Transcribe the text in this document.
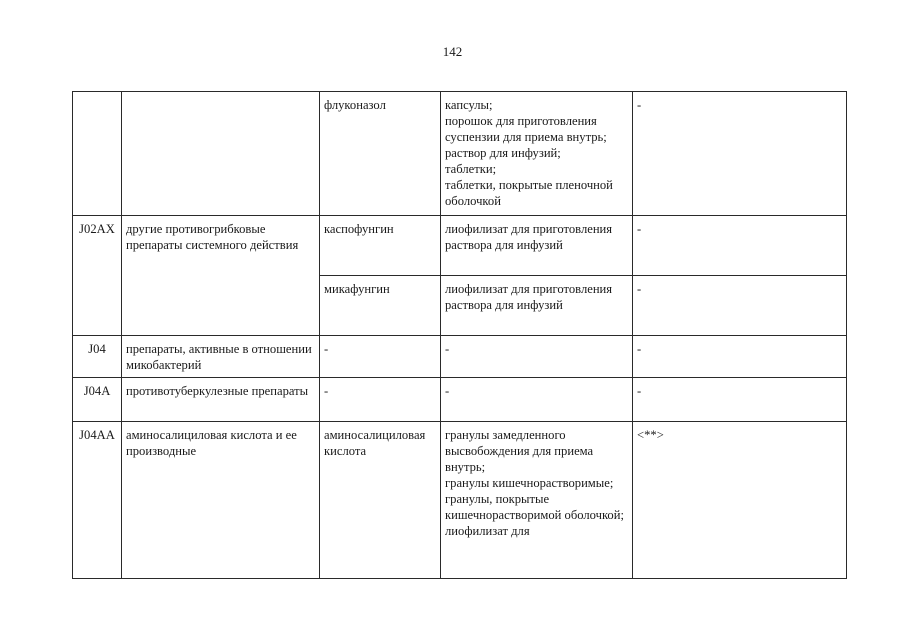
142
		флуконазол	капсулы;
порошок для приготовления суспензии для приема внутрь;
раствор для инфузий;
таблетки;
таблетки, покрытые пленочной оболочкой	-
J02AX	другие противогрибковые препараты системного действия	каспофунгин	лиофилизат для приготовления раствора для инфузий	-
		микафунгин	лиофилизат для приготовления раствора для инфузий	-
J04	препараты, активные в отношении микобактерий	-	-	-
J04A	противотуберкулезные препараты	-	-	-
J04AA	аминосалициловая кислота и ее производные	аминосалициловая кислота	гранулы замедленного высвобождения для приема внутрь;
гранулы кишечнорастворимые;
гранулы, покрытые кишечнорастворимой оболочкой;
лиофилизат для	<**>
